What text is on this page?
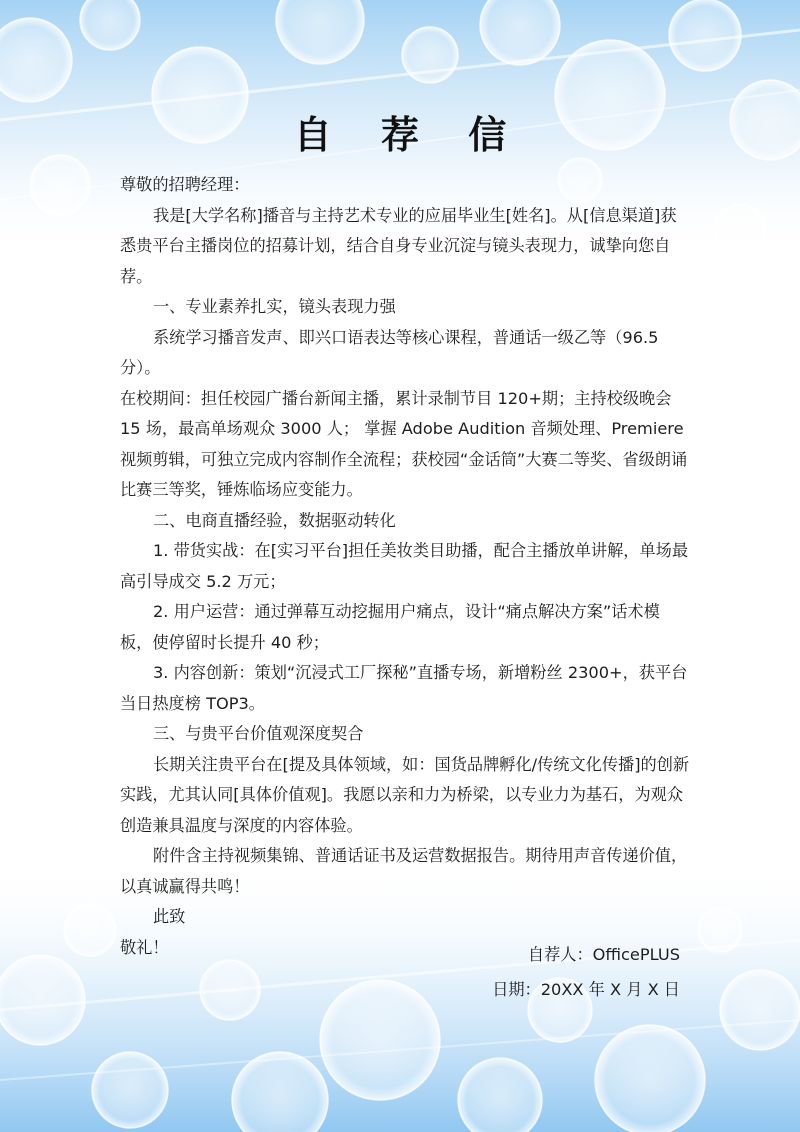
自 荐 信

尊敬的招聘经理：

我是[大学名称]播音与主持艺术专业的应届毕业生[姓名]。从[信息渠道]获悉贵平台主播岗位的招募计划，结合自身专业沉淀与镜头表现力，诚挚向您自荐。

一、专业素养扎实，镜头表现力强

系统学习播音发声、即兴口语表达等核心课程，普通话一级乙等（96.5 分）。

在校期间：担任校园广播台新闻主播，累计录制节目 120+期；主持校级晚会 15 场，最高单场观众 3000 人； 掌握 Adobe Audition 音频处理、Premiere 视频剪辑，可独立完成内容制作全流程；获校园“金话筒”大赛二等奖、省级朗诵比赛三等奖，锤炼临场应变能力。

二、电商直播经验，数据驱动转化

1. 带货实战：在[实习平台]担任美妆类目助播，配合主播放单讲解，单场最高引导成交 5.2 万元；

2. 用户运营：通过弹幕互动挖掘用户痛点，设计“痛点解决方案”话术模板，使停留时长提升 40 秒；

3. 内容创新：策划“沉浸式工厂探秘”直播专场，新增粉丝 2300+，获平台当日热度榜 TOP3。

三、与贵平台价值观深度契合

长期关注贵平台在[提及具体领域，如：国货品牌孵化/传统文化传播]的创新实践，尤其认同[具体价值观]。我愿以亲和力为桥梁，以专业力为基石，为观众创造兼具温度与深度的内容体验。

附件含主持视频集锦、普通话证书及运营数据报告。期待用声音传递价值，以真诚赢得共鸣！

此致

敬礼！	自荐人：OfficePLUS
日期：20XX 年 X 月 X 日
